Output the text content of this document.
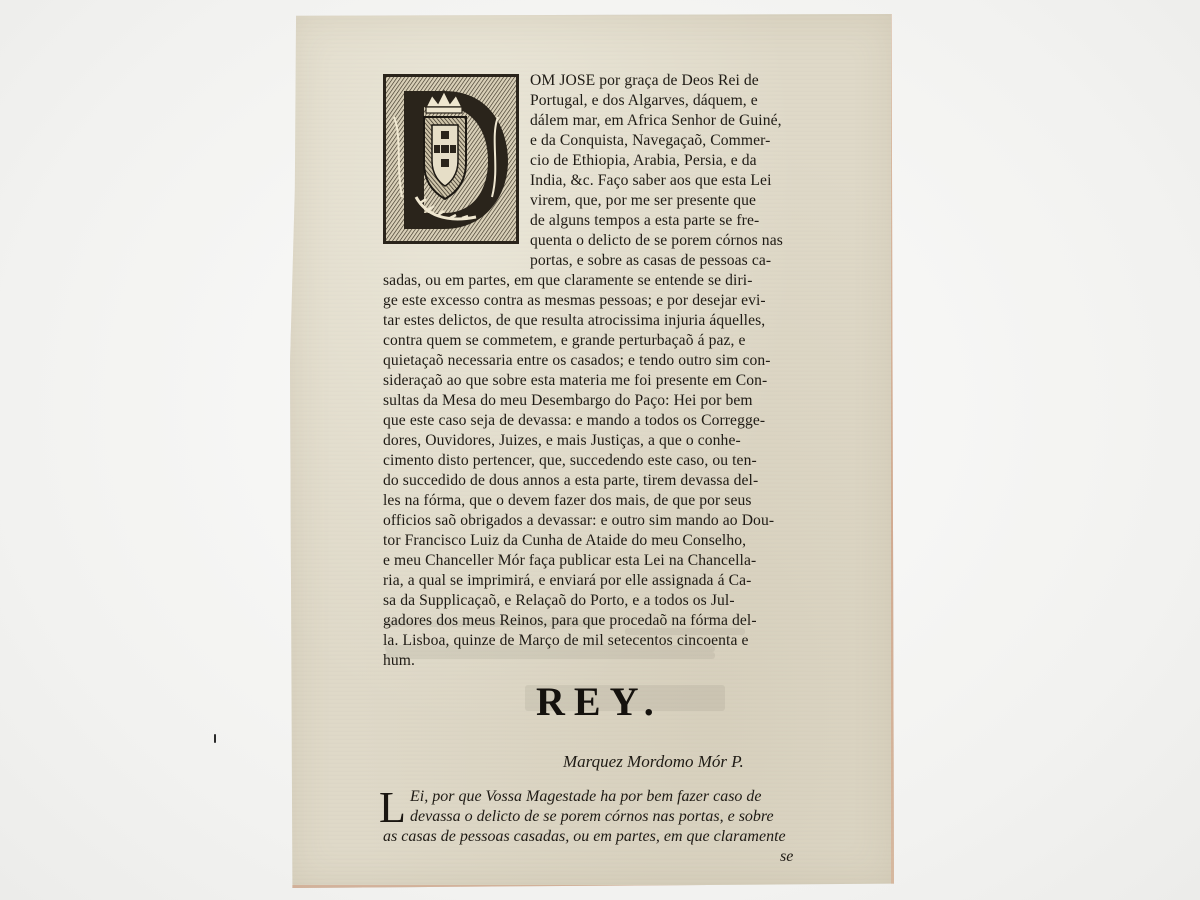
OM JOSE por graça de Deos Rei de
Portugal, e dos Algarves, dáquem, e
dálem mar, em Africa Senhor de Guiné,
e da Conquista, Navegaçaõ, Commer-
cio de Ethiopia, Arabia, Persia, e da
India, &c. Faço saber aos que esta Lei
virem, que, por me ser presente que
de alguns tempos a esta parte se fre-
quenta o delicto de se porem córnos nas
portas, e sobre as casas de pessoas ca-
sadas, ou em partes, em que claramente se entende se diri-
ge este excesso contra as mesmas pessoas; e por desejar evi-
tar estes delictos, de que resulta atrocissima injuria áquelles,
contra quem se commetem, e grande perturbaçaõ á paz, e
quietaçaõ necessaria entre os casados; e tendo outro sim con-
sideraçaõ ao que sobre esta materia me foi presente em Con-
sultas da Mesa do meu Desembargo do Paço: Hei por bem
que este caso seja de devassa: e mando a todos os Corregge-
dores, Ouvidores, Juizes, e mais Justiças, a que o conhe-
cimento disto pertencer, que, succedendo este caso, ou ten-
do succedido de dous annos a esta parte, tirem devassa del-
les na fórma, que o devem fazer dos mais, de que por seus
officios saõ obrigados a devassar: e outro sim mando ao Dou-
tor Francisco Luiz da Cunha de Ataide do meu Conselho,
e meu Chanceller Mór faça publicar esta Lei na Chancella-
ria, a qual se imprimirá, e enviará por elle assignada á Ca-
sa da Supplicaçaõ, e Relaçaõ do Porto, e a todos os Jul-
gadores dos meus Reinos, para que procedaõ na fórma del-
la. Lisboa, quinze de Março de mil setecentos cincoenta e
hum.
REY.
Marquez Mordomo Mór P.
L Ei, por que Vossa Magestade ha por bem fazer caso de
devassa o delicto de se porem córnos nas portas, e sobre
as casas de pessoas casadas, ou em partes, em que claramente
se
